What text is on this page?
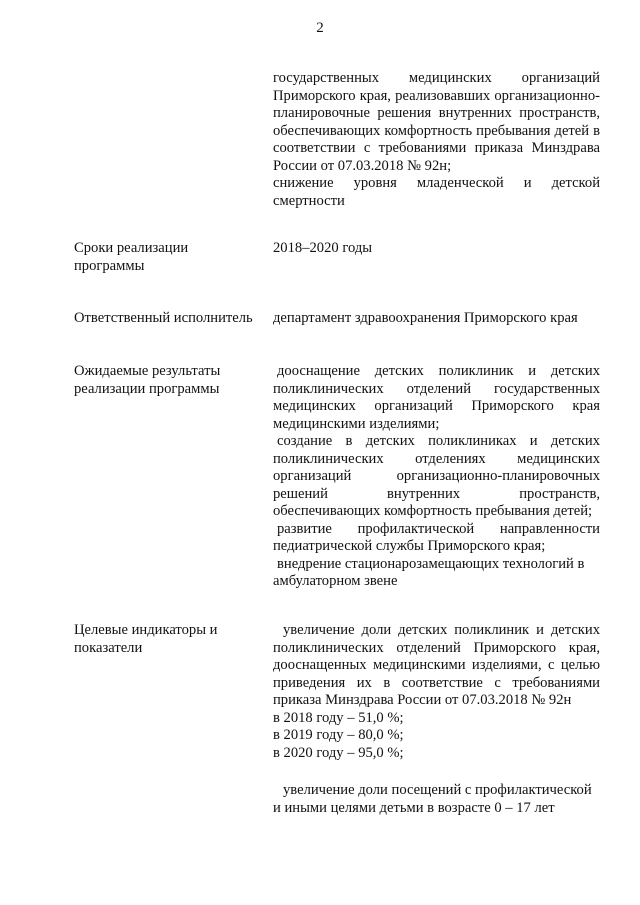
2

государственных медицинских организаций Приморского края, реализовавших организационно-планировочные решения внутренних пространств, обеспечивающих комфортность пребывания детей в соответствии с требованиями приказа Минздрава России от 07.03.2018 № 92н;

снижение уровня младенческой и детской смертности

Сроки реализации программы

2018–2020 годы

Ответственный исполнитель департамент здравоохранения Приморского края

Ожидаемые результаты реализации программы

дооснащение детских поликлиник и детских поликлинических отделений государственных медицинских организаций Приморского края медицинскими изделиями;

создание в детских поликлиниках и детских поликлинических отделениях медицинских организаций организационно-планировочных решений внутренних пространств, обеспечивающих комфортность пребывания детей;

развитие профилактической направленности педиатрической службы Приморского края;

внедрение стационарозамещающих технологий в амбулаторном звене

Целевые индикаторы и показатели

увеличение доли детских поликлиник и детских поликлинических отделений Приморского края, дооснащенных медицинскими изделиями, с целью приведения их в соответствие с требованиями приказа Минздрава России от 07.03.2018 № 92н

в 2018 году – 51,0 %;

в 2019 году – 80,0 %;

в 2020 году – 95,0 %;

увеличение доли посещений с профилактической и иными целями детьми в возрасте 0 – 17 лет
